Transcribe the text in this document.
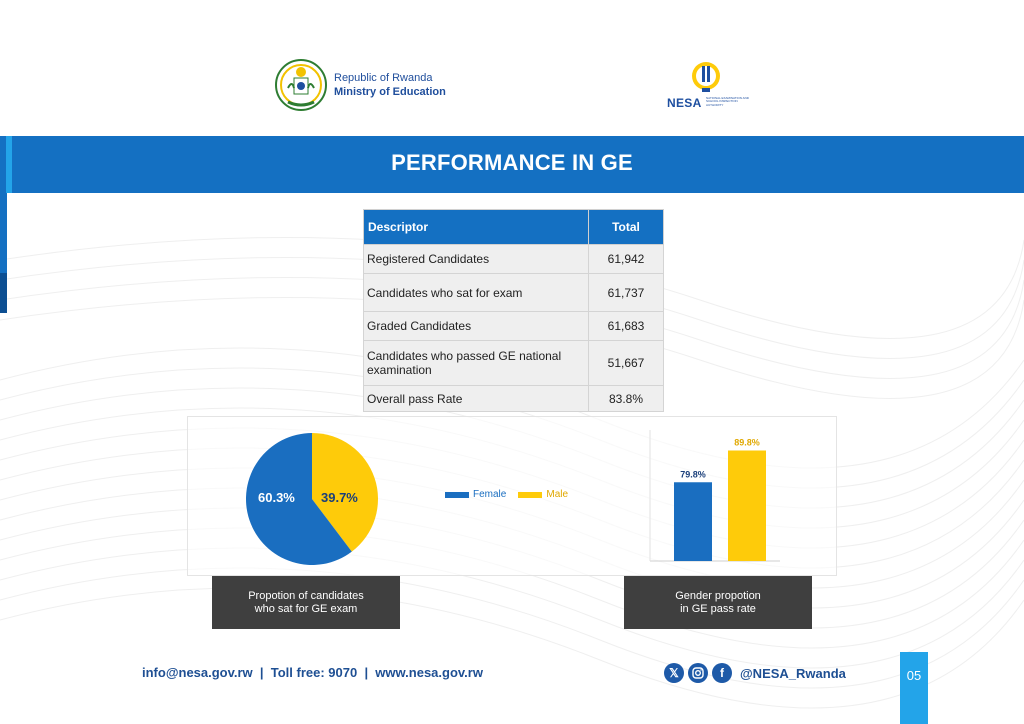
Republic of Rwanda
Ministry of Education
NESA NATIONAL EXAMINATION AND SCHOOL INSPECTION AUTHORITY
PERFORMANCE IN GE
Descriptor	Total
Registered Candidates	61,942
Candidates who sat for exam	61,737
Graded Candidates	61,683
Candidates who passed GE national examination	51,667
Overall pass Rate	83.8%
60.3% 39.7%	Female	Male
79.8%
89.8%
Propotion of candidates
who sat for GE exam
Gender propotion
in GE pass rate
info@nesa.gov.rw  |  Toll free: 9070  |  www.nesa.gov.rw	𝕏	f	@NESA_Rwanda	05
